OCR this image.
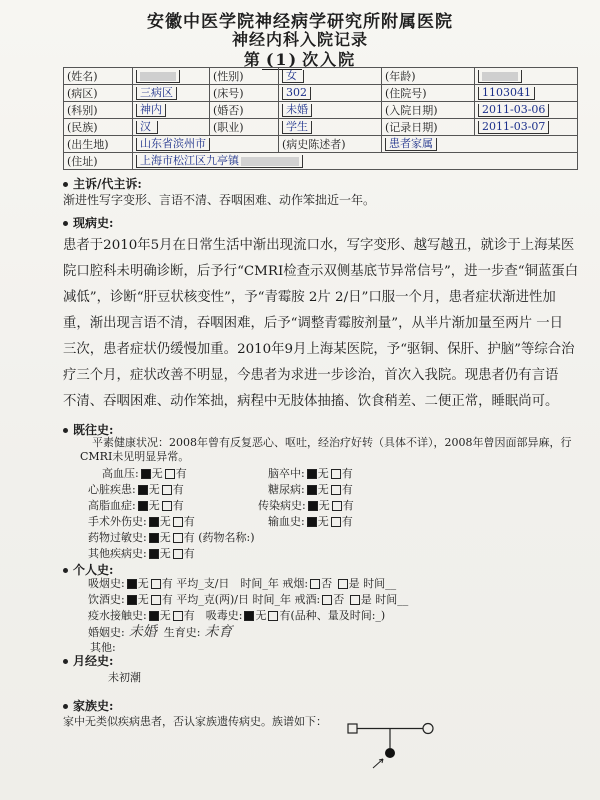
安徽中医学院神经病学研究所附属医院
神经内科入院记录
第 (1) 次入院
(姓名)		(性别)	女	(年龄)	
(病区)	三病区	(床号)	302	(住院号)	1103041
(科别)	神内	(婚否)	未婚	(入院日期)	2011-03-06
(民族)	汉	(职业)	学生	(记录日期)	2011-03-07
(出生地)	山东省滨州市		(病史陈述者)	患者家属	
(住址)	上海市松江区九亭镇				
主诉/代主诉:
渐进性写字变形、言语不清、吞咽困难、动作笨拙近一年。
现病史:
患者于2010年5月在日常生活中渐出现流口水，写字变形、越写越丑，就诊于上海某医
院口腔科未明确诊断，后予行“CMRI检查示双侧基底节异常信号”，进一步查“铜蓝蛋白
减低”，诊断“肝豆状核变性”，予“青霉胺 2片 2/日”口服一个月，患者症状渐进性加
重，渐出现言语不清，吞咽困难，后予“调整青霉胺剂量”，从半片渐加量至两片 一日
三次，患者症状仍缓慢加重。2010年9月上海某医院，予“驱铜、保肝、护脑”等综合治
疗三个月，症状改善不明显，今患者为求进一步诊治，首次入我院。现患者仍有言语
不清、吞咽困难、动作笨拙，病程中无肢体抽搐、饮食稍差、二便正常，睡眠尚可。
既往史:
平素健康状况：2008年曾有反复恶心、呕吐，经治疗好转（具体不详），2008年曾因面部异麻，行CMRI未见明显异常。
高血压: 无 有
心脏疾患: 无 有
高脂血症: 无 有
手术外伤史: 无 有
药物过敏史: 无 有 (药物名称:)
其他疾病史: 无 有
脑卒中: 无 有
糖尿病: 无 有
传染病史: 无 有
输血史: 无 有
个人史:
吸烟史: 无 有 平均_支/日　时间_年 戒烟: 否 是 时间__
饮酒史: 无 有 平均_克(两)/日 时间_年 戒酒: 否 是 时间__
疫水接触史: 无 有　 吸毒史: 无 有(品种、量及时间:_)
婚姻史: 未婚　 生育史: 未育
其他:
月经史:
未初潮
家族史:
家中无类似疾病患者，否认家族遗传病史。族谱如下：
